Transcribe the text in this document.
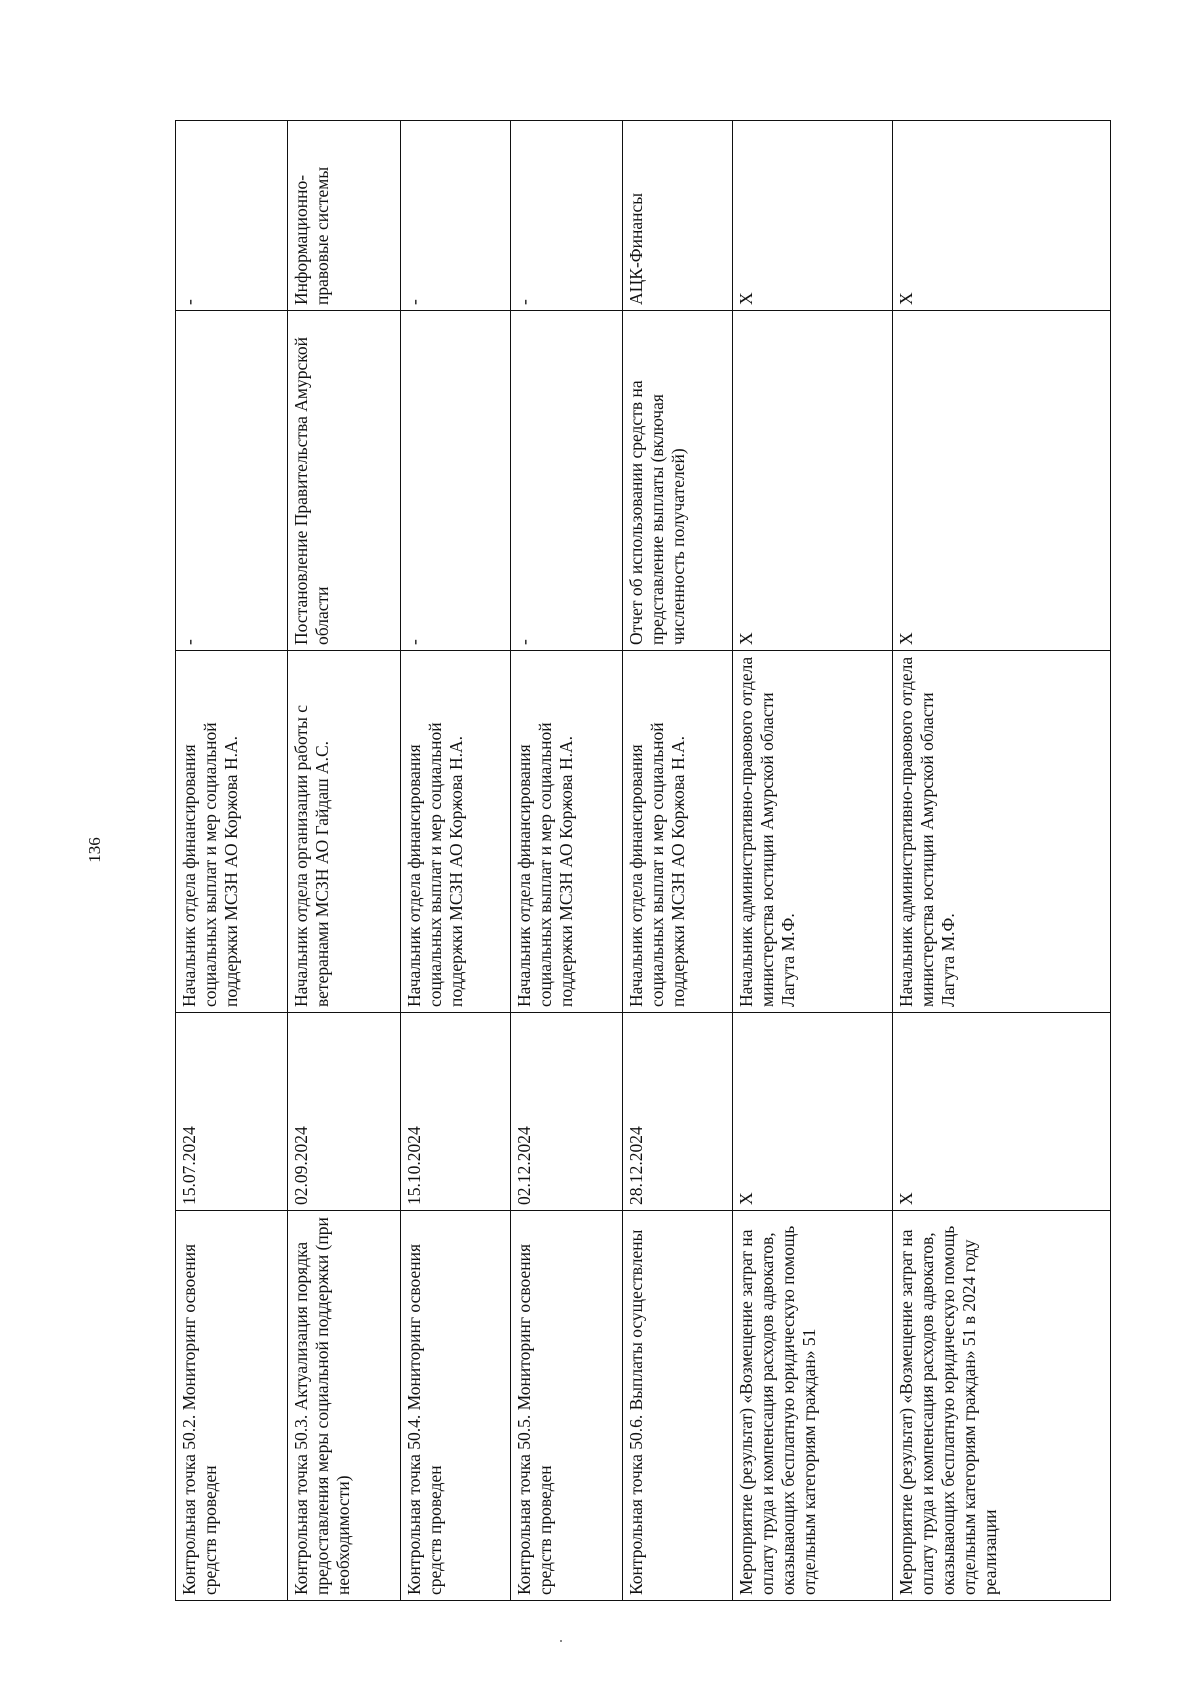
136
Контрольная точка 50.2. Мониторинг освоения средств проведен	15.07.2024	Начальник отдела финансирования социальных выплат и мер социальной поддержки МСЗН АО Коржова Н.А.	-	-
Контрольная точка 50.3. Актуализация порядка предоставления меры социальной поддержки (при необходимости)	02.09.2024	Начальник отдела организации работы с ветеранами МСЗН АО Гайдаш А.С.	Постановление Правительства Амурской области	Информационно-правовые системы
Контрольная точка 50.4. Мониторинг освоения средств проведен	15.10.2024	Начальник отдела финансирования социальных выплат и мер социальной поддержки МСЗН АО Коржова Н.А.	-	-
Контрольная точка 50.5. Мониторинг освоения средств проведен	02.12.2024	Начальник отдела финансирования социальных выплат и мер социальной поддержки МСЗН АО Коржова Н.А.	-	-
Контрольная точка 50.6. Выплаты осуществлены	28.12.2024	Начальник отдела финансирования социальных выплат и мер социальной поддержки МСЗН АО Коржова Н.А.	Отчет об использовании средств на представление выплаты (включая численность получателей)	АЦК-Финансы
Мероприятие (результат) «Возмещение затрат на оплату труда и компенсация расходов адвокатов, оказывающих бесплатную юридическую помощь отдельным категориям граждан» 51	Х	Начальник административно-правового отдела министерства юстиции Амурской области Лагута М.Ф.	Х	Х
Мероприятие (результат) «Возмещение затрат на оплату труда и компенсация расходов адвокатов, оказывающих бесплатную юридическую помощь отдельным категориям граждан» 51 в 2024 году реализации	Х	Начальник административно-правового отдела министерства юстиции Амурской области Лагута М.Ф.	Х	Х
